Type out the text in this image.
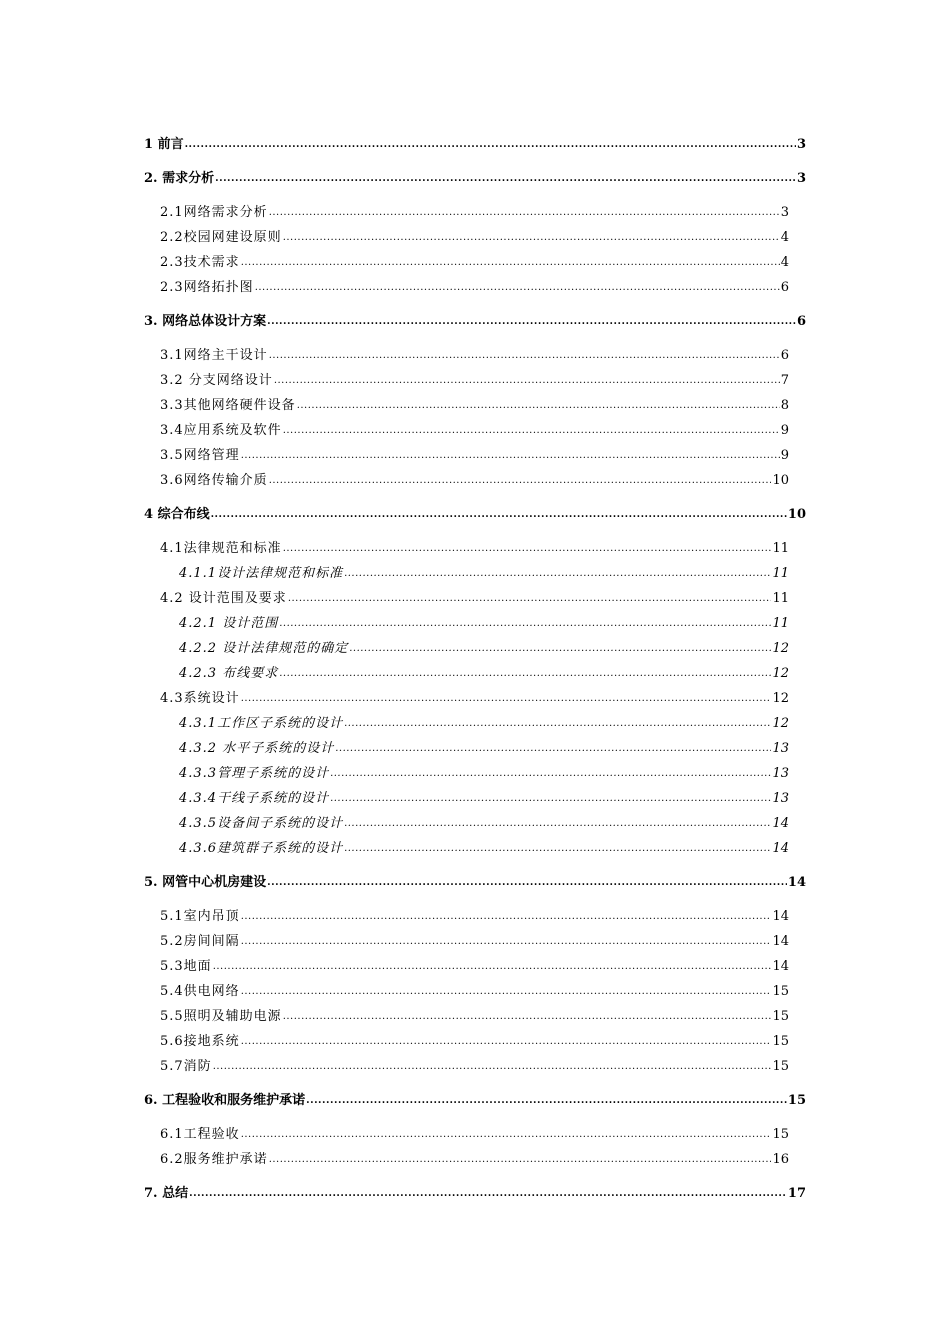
1 前言 .....	3
2. 需求分析 .....	3
2.1网络需求分析 .....	3
2.2校园网建设原则 .....	4
2.3技术需求 .....	4
2.3网络拓扑图 .....	6
3. 网络总体设计方案 .....	6
3.1网络主干设计 .....	6
3.2 分支网络设计 .....	7
3.3其他网络硬件设备 .....	8
3.4应用系统及软件 .....	9
3.5网络管理 .....	9
3.6网络传输介质 .....	10
4 综合布线 .....	10
4.1法律规范和标准 .....	11
4.1.1设计法律规范和标准 .....	11
4.2 设计范围及要求 .....	11
4.2.1 设计范围 .....	11
4.2.2 设计法律规范的确定 .....	12
4.2.3 布线要求 .....	12
4.3系统设计 .....	12
4.3.1工作区子系统的设计 .....	12
4.3.2 水平子系统的设计 .....	13
4.3.3管理子系统的设计 .....	13
4.3.4干线子系统的设计 .....	13
4.3.5设备间子系统的设计 .....	14
4.3.6建筑群子系统的设计 .....	14
5. 网管中心机房建设 .....	14
5.1室内吊顶 .....	14
5.2房间间隔 .....	14
5.3地面 .....	14
5.4供电网络 .....	15
5.5照明及辅助电源 .....	15
5.6接地系统 .....	15
5.7消防 .....	15
6. 工程验收和服务维护承诺 .....	15
6.1工程验收 .....	15
6.2服务维护承诺 .....	16
7. 总结 .....	17
